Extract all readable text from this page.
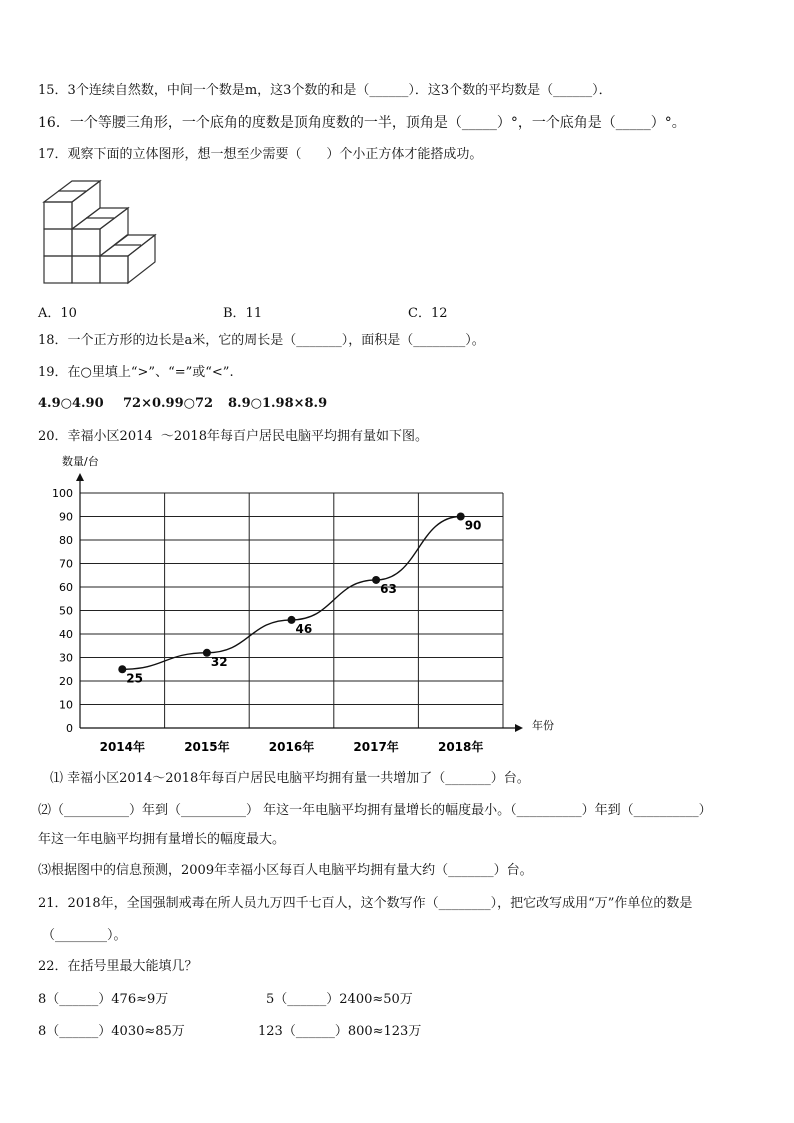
15．3个连续自然数，中间一个数是m，这3个数的和是（______）．这3个数的平均数是（______）．
16．一个等腰三角形，一个底角的度数是顶角度数的一半，顶角是（_____）°，一个底角是（_____）°。
17．观察下面的立体图形，想一想至少需要（      ）个小正方体才能搭成功。
A．10	B．11	C．12
18．一个正方形的边长是a米，它的周长是（_______），面积是（________）。
19．在○里填上“>”、“=”或“<”.
4.9○4.90 72×0.99○72 8.9○1.98×8.9
20．幸福小区2014  ～2018年每百户居民电脑平均拥有量如下图。
数量/台
年份
0
10
20
30
40
50
60
70
80
90
100
2014年	2015年	2016年	2017年	2018年
25
32
46
63
90
⑴ 幸福小区2014～2018年每百户居民电脑平均拥有量一共增加了（_______）台。
⑵（__________）年到（__________） 年这一年电脑平均拥有量增长的幅度最小。（__________）年到（__________）
年这一年电脑平均拥有量增长的幅度最大。
⑶根据图中的信息预测，2009年幸福小区每百人电脑平均拥有量大约（_______）台。
21．2018年，全国强制戒毒在所人员九万四千七百人，这个数写作（________），把它改写成用“万”作单位的数是
（________）。
22．在括号里最大能填几？
8（______）476≈9万	5（______）2400≈50万
8（______）4030≈85万	123（______）800≈123万
